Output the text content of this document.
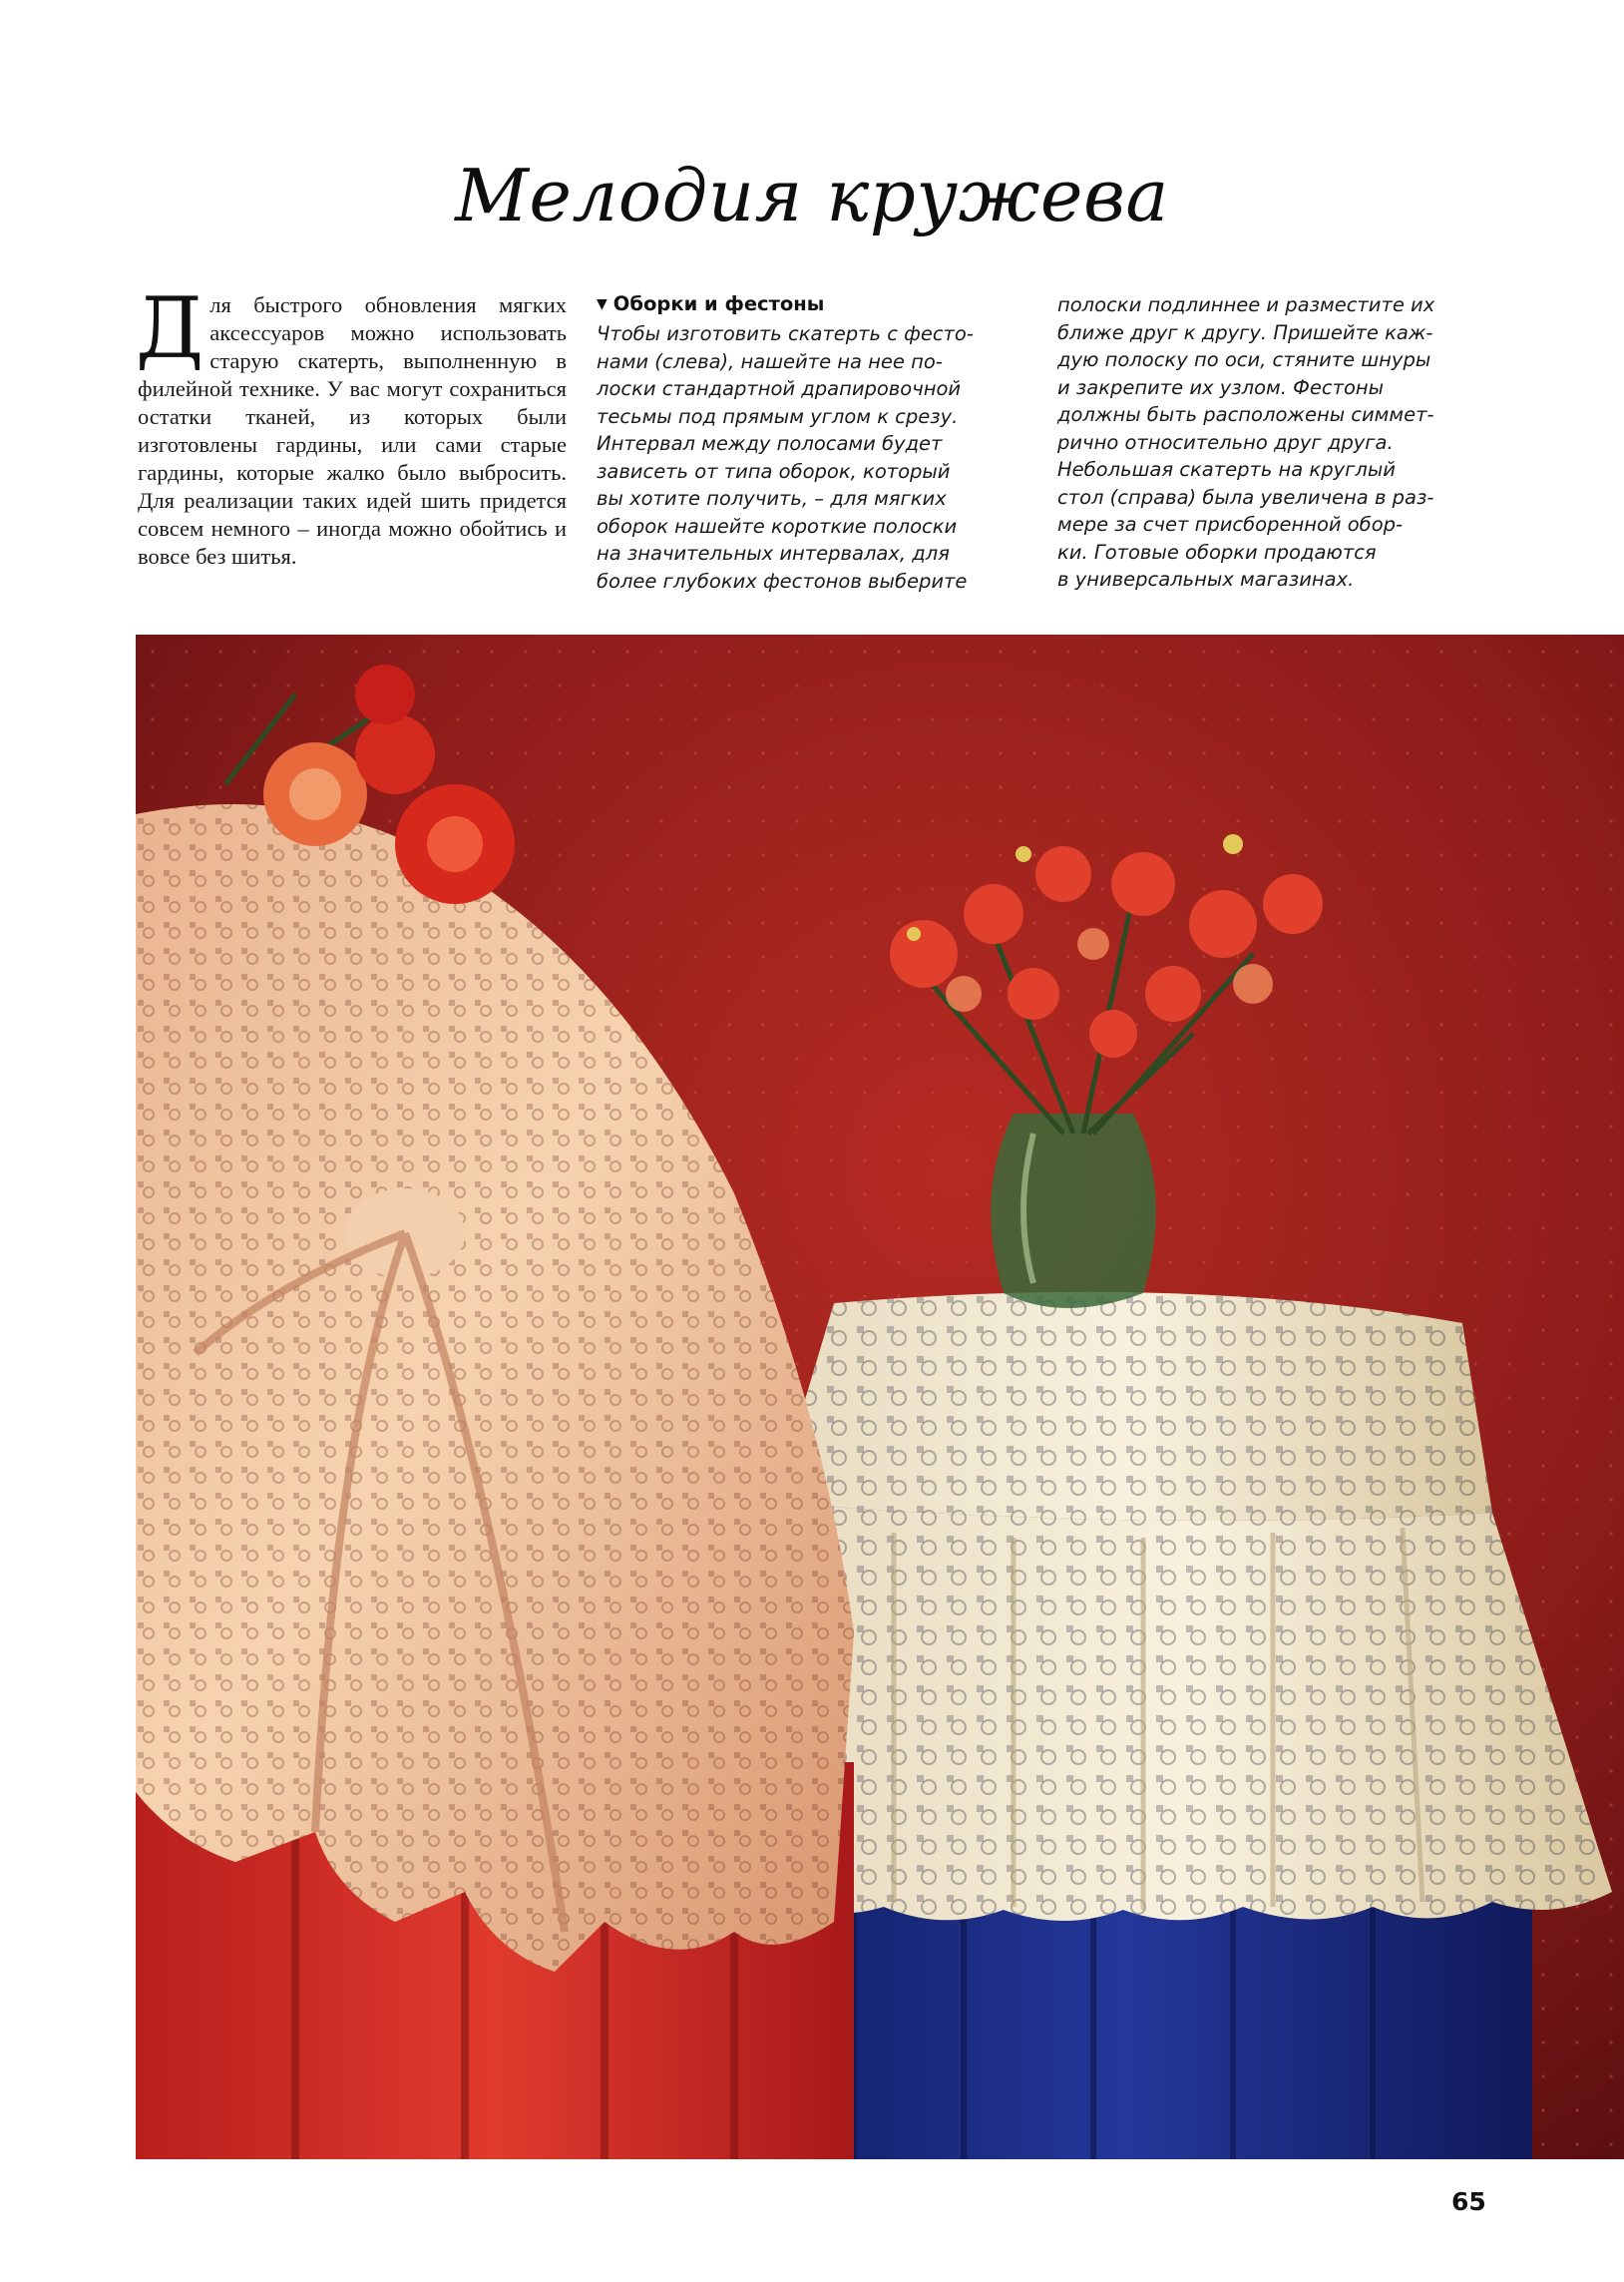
Мелодия кружева
Для быстрого обновления мягких аксессуаров можно использовать старую скатерть, выполненную в филейной технике. У вас могут сохраниться остатки тканей, из которых были изготовлены гардины, или сами старые гардины, которые жалко было выбросить. Для реализации таких идей шить придется совсем немного – иногда можно обойтись и вовсе без шитья.
▼ Оборки и фестоны

Чтобы изготовить скатерть с фесто-
нами (слева), нашейте на нее по-
лоски стандартной драпировочной
тесьмы под прямым углом к срезу.
Интервал между полосами будет
зависеть от типа оборок, который
вы хотите получить, – для мягких
оборок нашейте короткие полоски
на значительных интервалах, для
более глубоких фестонов выберите

полоски подлиннее и разместите их
ближе друг к другу. Пришейте каж-
дую полоску по оси, стяните шнуры
и закрепите их узлом. Фестоны
должны быть расположены симмет-
рично относительно друг друга.
Небольшая скатерть на круглый
стол (справа) была увеличена в раз-
мере за счет присборенной обор-
ки. Готовые оборки продаются
в универсальных магазинах.

65
